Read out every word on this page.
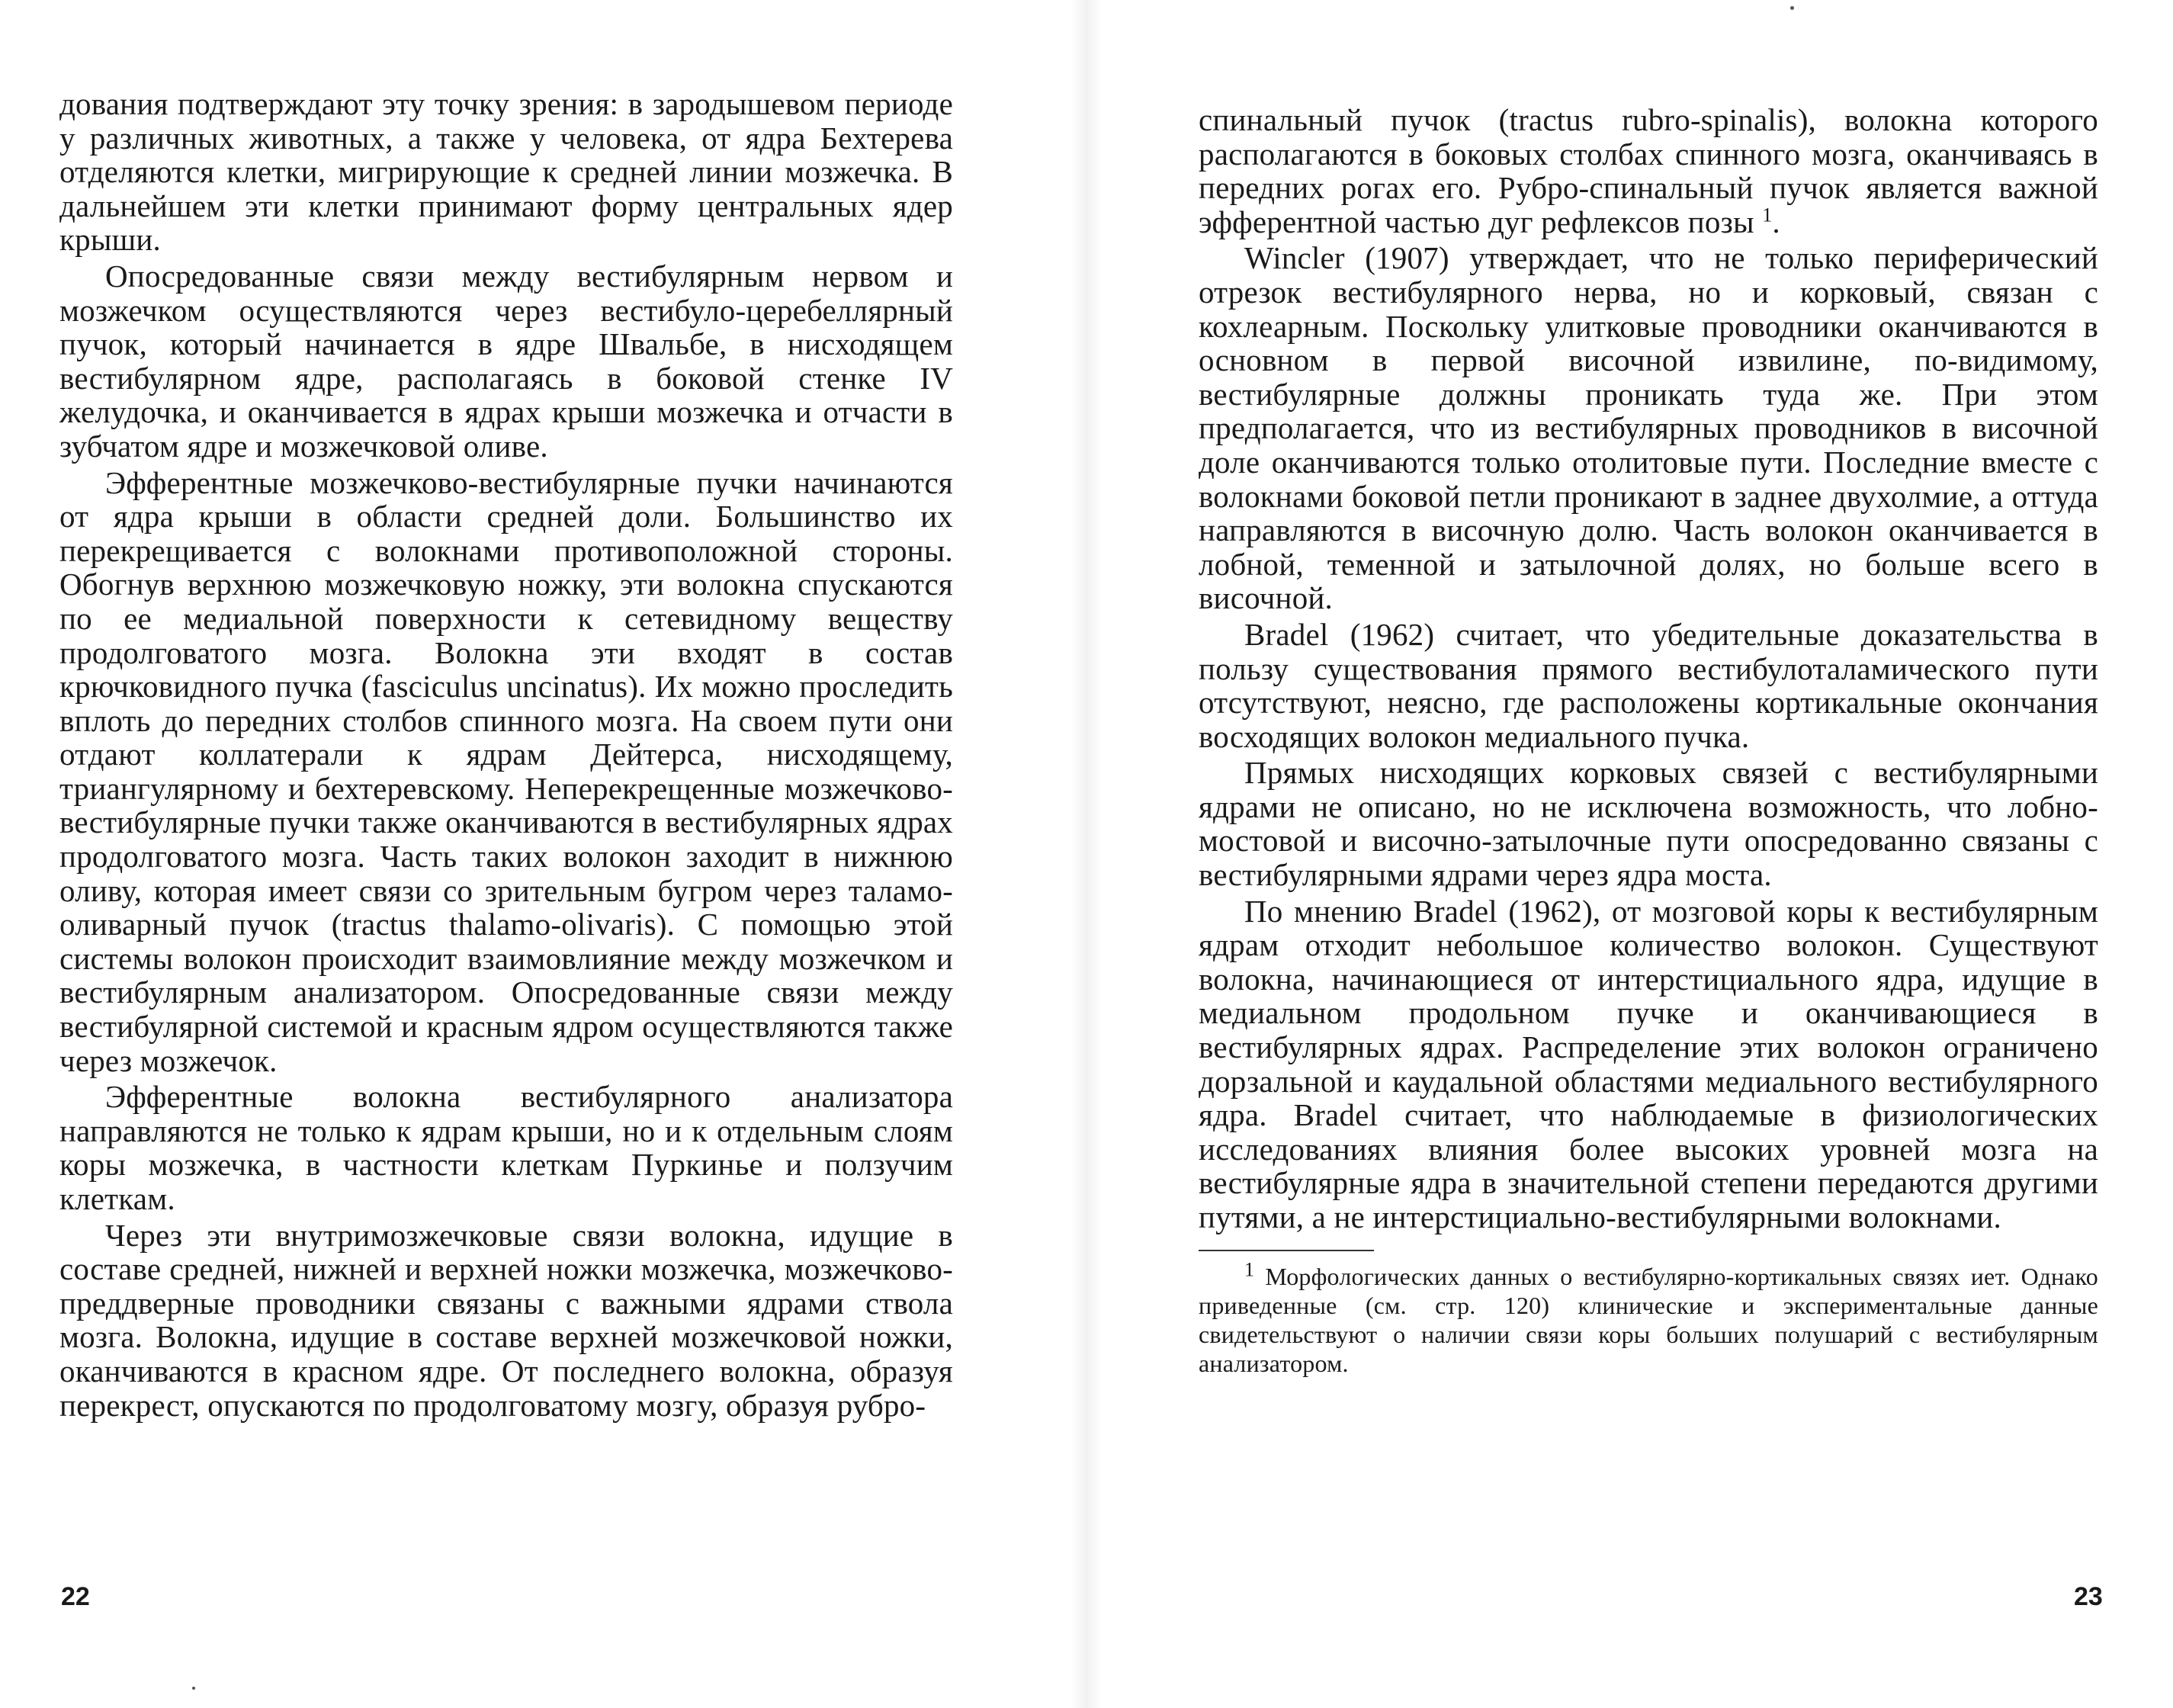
дования подтверждают эту точку зрения: в зародышевом периоде у различных животных, а также у человека, от ядра Бехтерева отделяются клетки, мигрирующие к средней линии мозжечка. В дальнейшем эти клетки принимают форму центральных ядер крыши.

Опосредованные связи между вестибулярным нервом и мозжечком осуществляются через вестибуло-церебеллярный пучок, который начинается в ядре Швальбе, в нисходящем вестибулярном ядре, располагаясь в боковой стенке IV желудочка, и оканчивается в ядрах крыши мозжечка и отчасти в зубчатом ядре и мозжечковой оливе.

Эфферентные мозжечково-вестибулярные пучки начинаются от ядра крыши в области средней доли. Большинство их перекрещивается с волокнами противоположной стороны. Обогнув верхнюю мозжечковую ножку, эти волокна спускаются по ее медиальной поверхности к сетевидному веществу продолговатого мозга. Волокна эти входят в состав крючковидного пучка (fasciculus uncinatus). Их можно проследить вплоть до передних столбов спинного мозга. На своем пути они отдают коллатерали к ядрам Дейтерса, нисходящему, триангулярному и бехтеревскому. Неперекрещенные мозжечково-вестибулярные пучки также оканчиваются в вестибулярных ядрах продолговатого мозга. Часть таких волокон заходит в нижнюю оливу, которая имеет связи со зрительным бугром через таламо-оливарный пучок (tractus thalamo-olivaris). С помощью этой системы волокон происходит взаимовлияние между мозжечком и вестибулярным анализатором. Опосредованные связи между вестибулярной системой и красным ядром осуществляются также через мозжечок.

Эфферентные волокна вестибулярного анализатора направляются не только к ядрам крыши, но и к отдельным слоям коры мозжечка, в частности клеткам Пуркинье и ползучим клеткам.

Через эти внутримозжечковые связи волокна, идущие в составе средней, нижней и верхней ножки мозжечка, мозжечково-преддверные проводники связаны с важными ядрами ствола мозга. Волокна, идущие в составе верхней мозжечковой ножки, оканчиваются в красном ядре. От последнего волокна, образуя перекрест, опускаются по продолговатому мозгу, образуя рубро-

22

спинальный пучок (tractus rubro-spinalis), волокна которого располагаются в боковых столбах спинного мозга, оканчиваясь в передних рогах его. Рубро-спинальный пучок является важной эфферентной частью дуг рефлексов позы $^1$.

Wincler (1907) утверждает, что не только периферический отрезок вестибулярного нерва, но и корковый, связан с кохлеарным. Поскольку улитковые проводники оканчиваются в основном в первой височной извилине, по-видимому, вестибулярные должны проникать туда же. При этом предполагается, что из вестибулярных проводников в височной доле оканчиваются только отолитовые пути. Последние вместе с волокнами боковой петли проникают в заднее двухолмие, а оттуда направляются в височную долю. Часть волокон оканчивается в лобной, теменной и затылочной долях, но больше всего в височной.

Bradel (1962) считает, что убедительные доказательства в пользу существования прямого вестибулоталамического пути отсутствуют, неясно, где расположены кортикальные окончания восходящих волокон медиального пучка.

Прямых нисходящих корковых связей с вестибулярными ядрами не описано, но не исключена возможность, что лобно-мостовой и височно-затылочные пути опосредованно связаны с вестибулярными ядрами через ядра моста.

По мнению Bradel (1962), от мозговой коры к вестибулярным ядрам отходит небольшое количество волокон. Существуют волокна, начинающиеся от интерстициального ядра, идущие в медиальном продольном пучке и оканчивающиеся в вестибулярных ядрах. Распределение этих волокон ограничено дорзальной и каудальной областями медиального вестибулярного ядра. Bradel считает, что наблюдаемые в физиологических исследованиях влияния более высоких уровней мозга на вестибулярные ядра в значительной степени передаются другими путями, а не интерстициально-вестибулярными волокнами.

$^1$ Морфологических данных о вестибулярно-кортикальных связях иет. Однако приведенные (см. стр. 120) клинические и экспериментальные данные свидетельствуют о наличии связи коры больших полушарий с вестибулярным анализатором.

23
